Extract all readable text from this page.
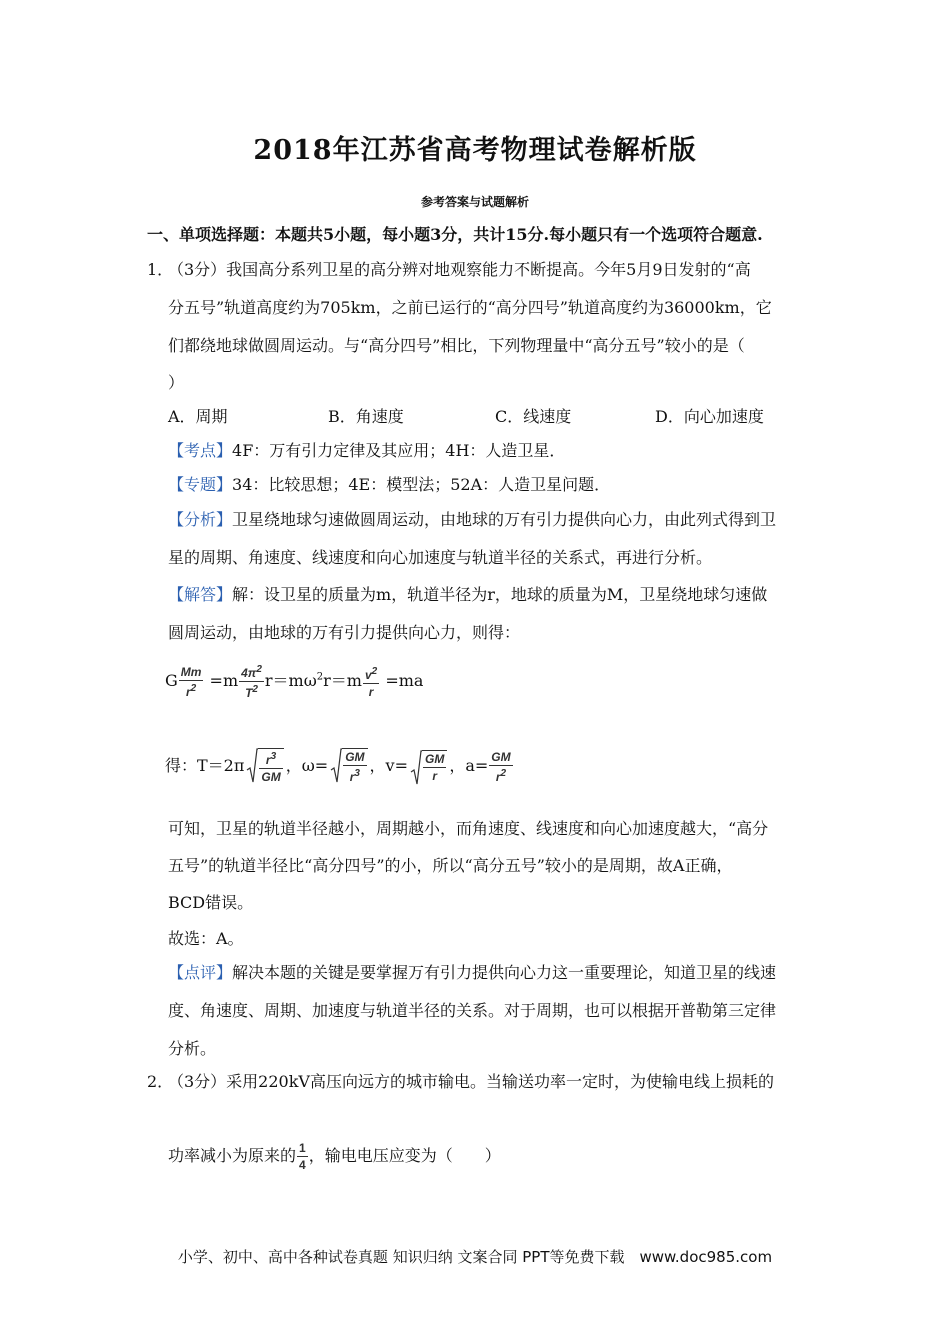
2018年江苏省高考物理试卷解析版
参考答案与试题解析
一、单项选择题：本题共5小题，每小题3分，共计15分.每小题只有一个选项符合题意.
1．
（3分）我国高分系列卫星的高分辨对地观察能力不断提高。今年5月9日发射的“高
分五号”轨道高度约为705km，之前已运行的“高分四号”轨道高度约为36000km，它
们都绕地球做圆周运动。与“高分四号”相比，下列物理量中“高分五号”较小的是（
）
A．周期	B．角速度	C．线速度	D．向心加速度
【考点】4F：万有引力定律及其应用；4H：人造卫星．
【专题】34：比较思想；4E：模型法；52A：人造卫星问题．
【分析】卫星绕地球匀速做圆周运动，由地球的万有引力提供向心力，由此列式得到卫
星的周期、角速度、线速度和向心加速度与轨道半径的关系式，再进行分析。
【解答】解：设卫星的质量为m，轨道半径为r，地球的质量为M，卫星绕地球匀速做
圆周运动，由地球的万有引力提供向心力，则得：
G $\frac{Mm}{r^2} =m \frac{4\pi^2}{T^2} r=m\omega^2r=m \frac{v^2}{r} =ma$
得：$T=2\pi \frac{r^3}{GM}$ ，$\omega= \frac{GM}{r^3}$ ，$v= \frac{GM}{r}$ ，$a= \frac{GM}{r^2}$
可知，卫星的轨道半径越小，周期越小，而角速度、线速度和向心加速度越大，“高分
五号”的轨道半径比“高分四号”的小，所以“高分五号”较小的是周期，故A正确，
BCD错误。
故选：A。
【点评】解决本题的关键是要掌握万有引力提供向心力这一重要理论，知道卫星的线速
度、角速度、周期、加速度与轨道半径的关系。对于周期，也可以根据开普勒第三定律
分析。
2．
（3分）采用220kV高压向远方的城市输电。当输送功率一定时，为使输电线上损耗的
功率减小为原来的 $\frac{1}{4}$ ，输电电压应变为（　　）
小学、初中、高中各种试卷真题 知识归纳 文案合同 PPT等免费下载　www.doc985.com
